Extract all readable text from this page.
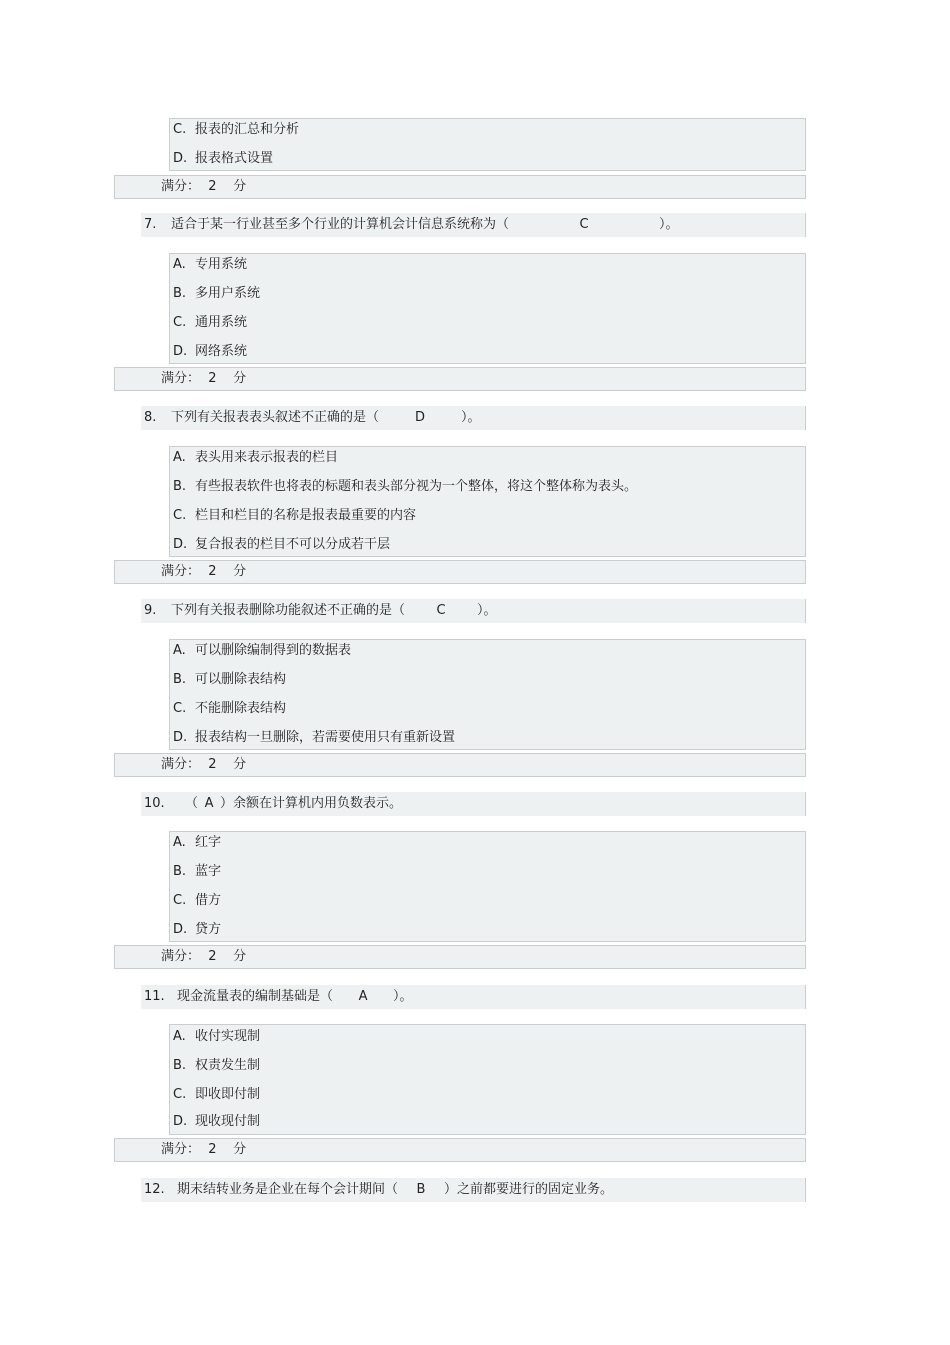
C. 报表的汇总和分析
D. 报表格式设置
满分：  2    分
7. 适合于某一行业甚至多个行业的计算机会计信息系统称为（	C	）。
A. 专用系统
B. 多用户系统
C. 通用系统
D. 网络系统
满分：  2    分
8. 下列有关报表表头叙述不正确的是（	D	）。
A. 表头用来表示报表的栏目
B. 有些报表软件也将表的标题和表头部分视为一个整体，将这个整体称为表头。
C. 栏目和栏目的名称是报表最重要的内容
D. 复合报表的栏目不可以分成若干层
满分：  2    分
9. 下列有关报表删除功能叙述不正确的是（ C ）。
A. 可以删除编制得到的数据表
B. 可以删除表结构
C. 不能删除表结构
D. 报表结构一旦删除，若需要使用只有重新设置
满分：  2    分
10. （ A ）余额在计算机内用负数表示。
A. 红字
B. 蓝字
C. 借方
D. 贷方
满分：  2    分
11. 现金流量表的编制基础是（ A ）。
A. 收付实现制
B. 权责发生制
C. 即收即付制
D. 现收现付制
满分：  2    分
12. 期末结转业务是企业在每个会计期间（ B ）之前都要进行的固定业务。
